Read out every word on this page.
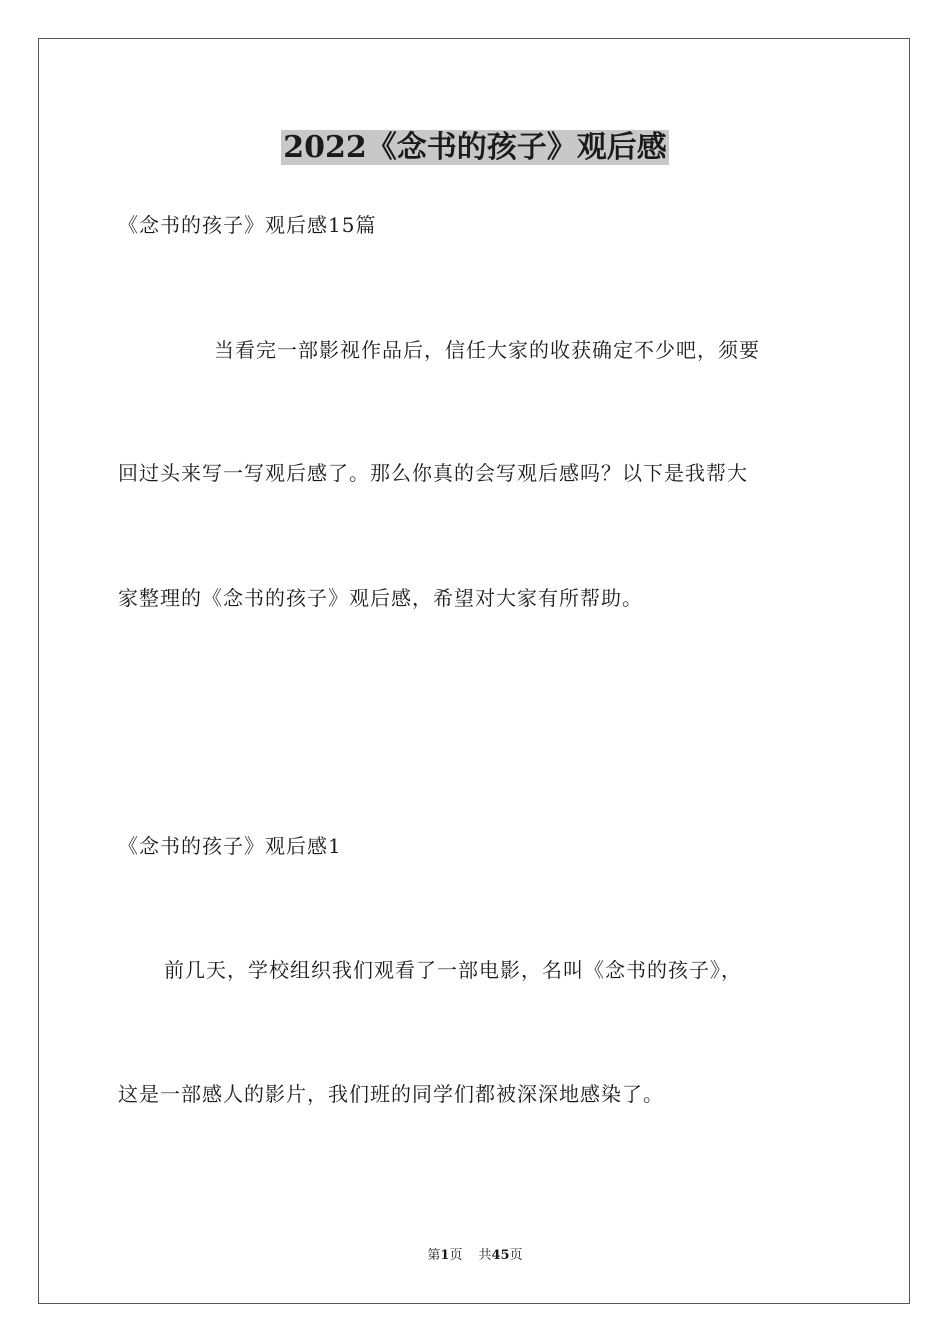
2022《念书的孩子》观后感
《念书的孩子》观后感15篇
当看完一部影视作品后，信任大家的收获确定不少吧，须要
回过头来写一写观后感了。那么你真的会写观后感吗？以下是我帮大
家整理的《念书的孩子》观后感，希望对大家有所帮助。
《念书的孩子》观后感1
前几天，学校组织我们观看了一部电影，名叫《念书的孩子》，
这是一部感人的影片，我们班的同学们都被深深地感染了。
第1页 共45页
